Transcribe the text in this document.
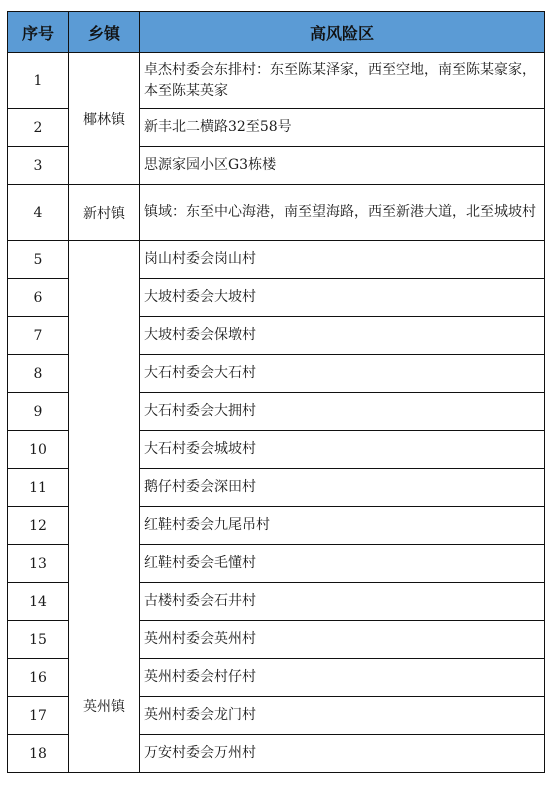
序号	乡镇	高风险区
1	椰林镇	卓杰村委会东排村：东至陈某泽家，西至空地，南至陈某豪家，本至陈某英家
2		新丰北二横路32至58号
3		思源家园小区G3栋楼
4	新村镇	镇域：东至中心海港，南至望海路，西至新港大道，北至城坡村
5	英州镇	岗山村委会岗山村
6		大坡村委会大坡村
7		大坡村委会保墩村
8		大石村委会大石村
9		大石村委会大拥村
10		大石村委会城坡村
11		鹅仔村委会深田村
12		红鞋村委会九尾吊村
13		红鞋村委会毛懂村
14		古楼村委会石井村
15		英州村委会英州村
16		英州村委会村仔村
17		英州村委会龙门村
18		万安村委会万州村
